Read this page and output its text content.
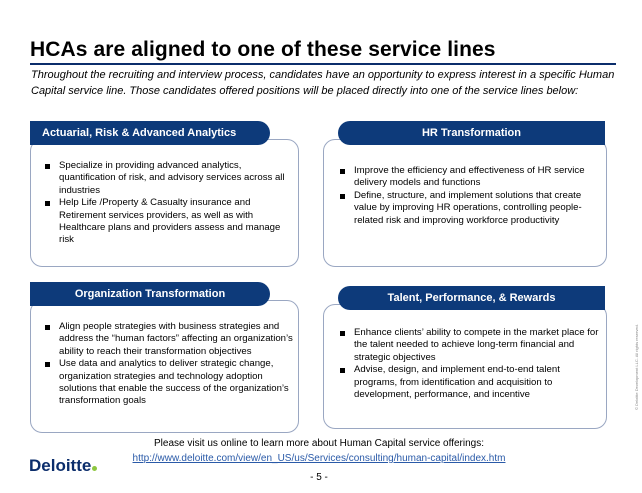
HCAs are aligned to one of these service lines
Throughout the recruiting and interview process, candidates have an opportunity to express interest in a specific Human Capital service line. Those candidates offered positions will be placed directly into one of the service lines below:
Specialize in providing advanced analytics, quantification of risk, and advisory services across all industries
Help Life /Property & Casualty insurance and Retirement services providers, as well as with Healthcare plans and providers assess and manage risk
Actuarial, Risk & Advanced Analytics
Improve the efficiency and effectiveness of HR service delivery models and functions
Define, structure, and implement solutions that create value by improving HR operations, controlling people-related risk and improving workforce productivity
HR Transformation
Align people strategies with business strategies and address the “human factors” affecting an organization’s ability to reach their transformation objectives
Use data and analytics to deliver strategic change, organization strategies and technology adoption solutions that enable the success of the organization’s transformation goals
Organization Transformation
Enhance clients’ ability to compete in the market place for the talent needed to achieve long-term financial and strategic objectives
Advise, design, and implement end-to-end talent programs, from identification and acquisition to development, performance, and incentive
Talent, Performance, & Rewards
Please visit us online to learn more about Human Capital service offerings:
http://www.deloitte.com/view/en_US/us/Services/consulting/human-capital/index.htm
Deloitte
- 5 -
© Deloitte Development LLC. All rights reserved.
